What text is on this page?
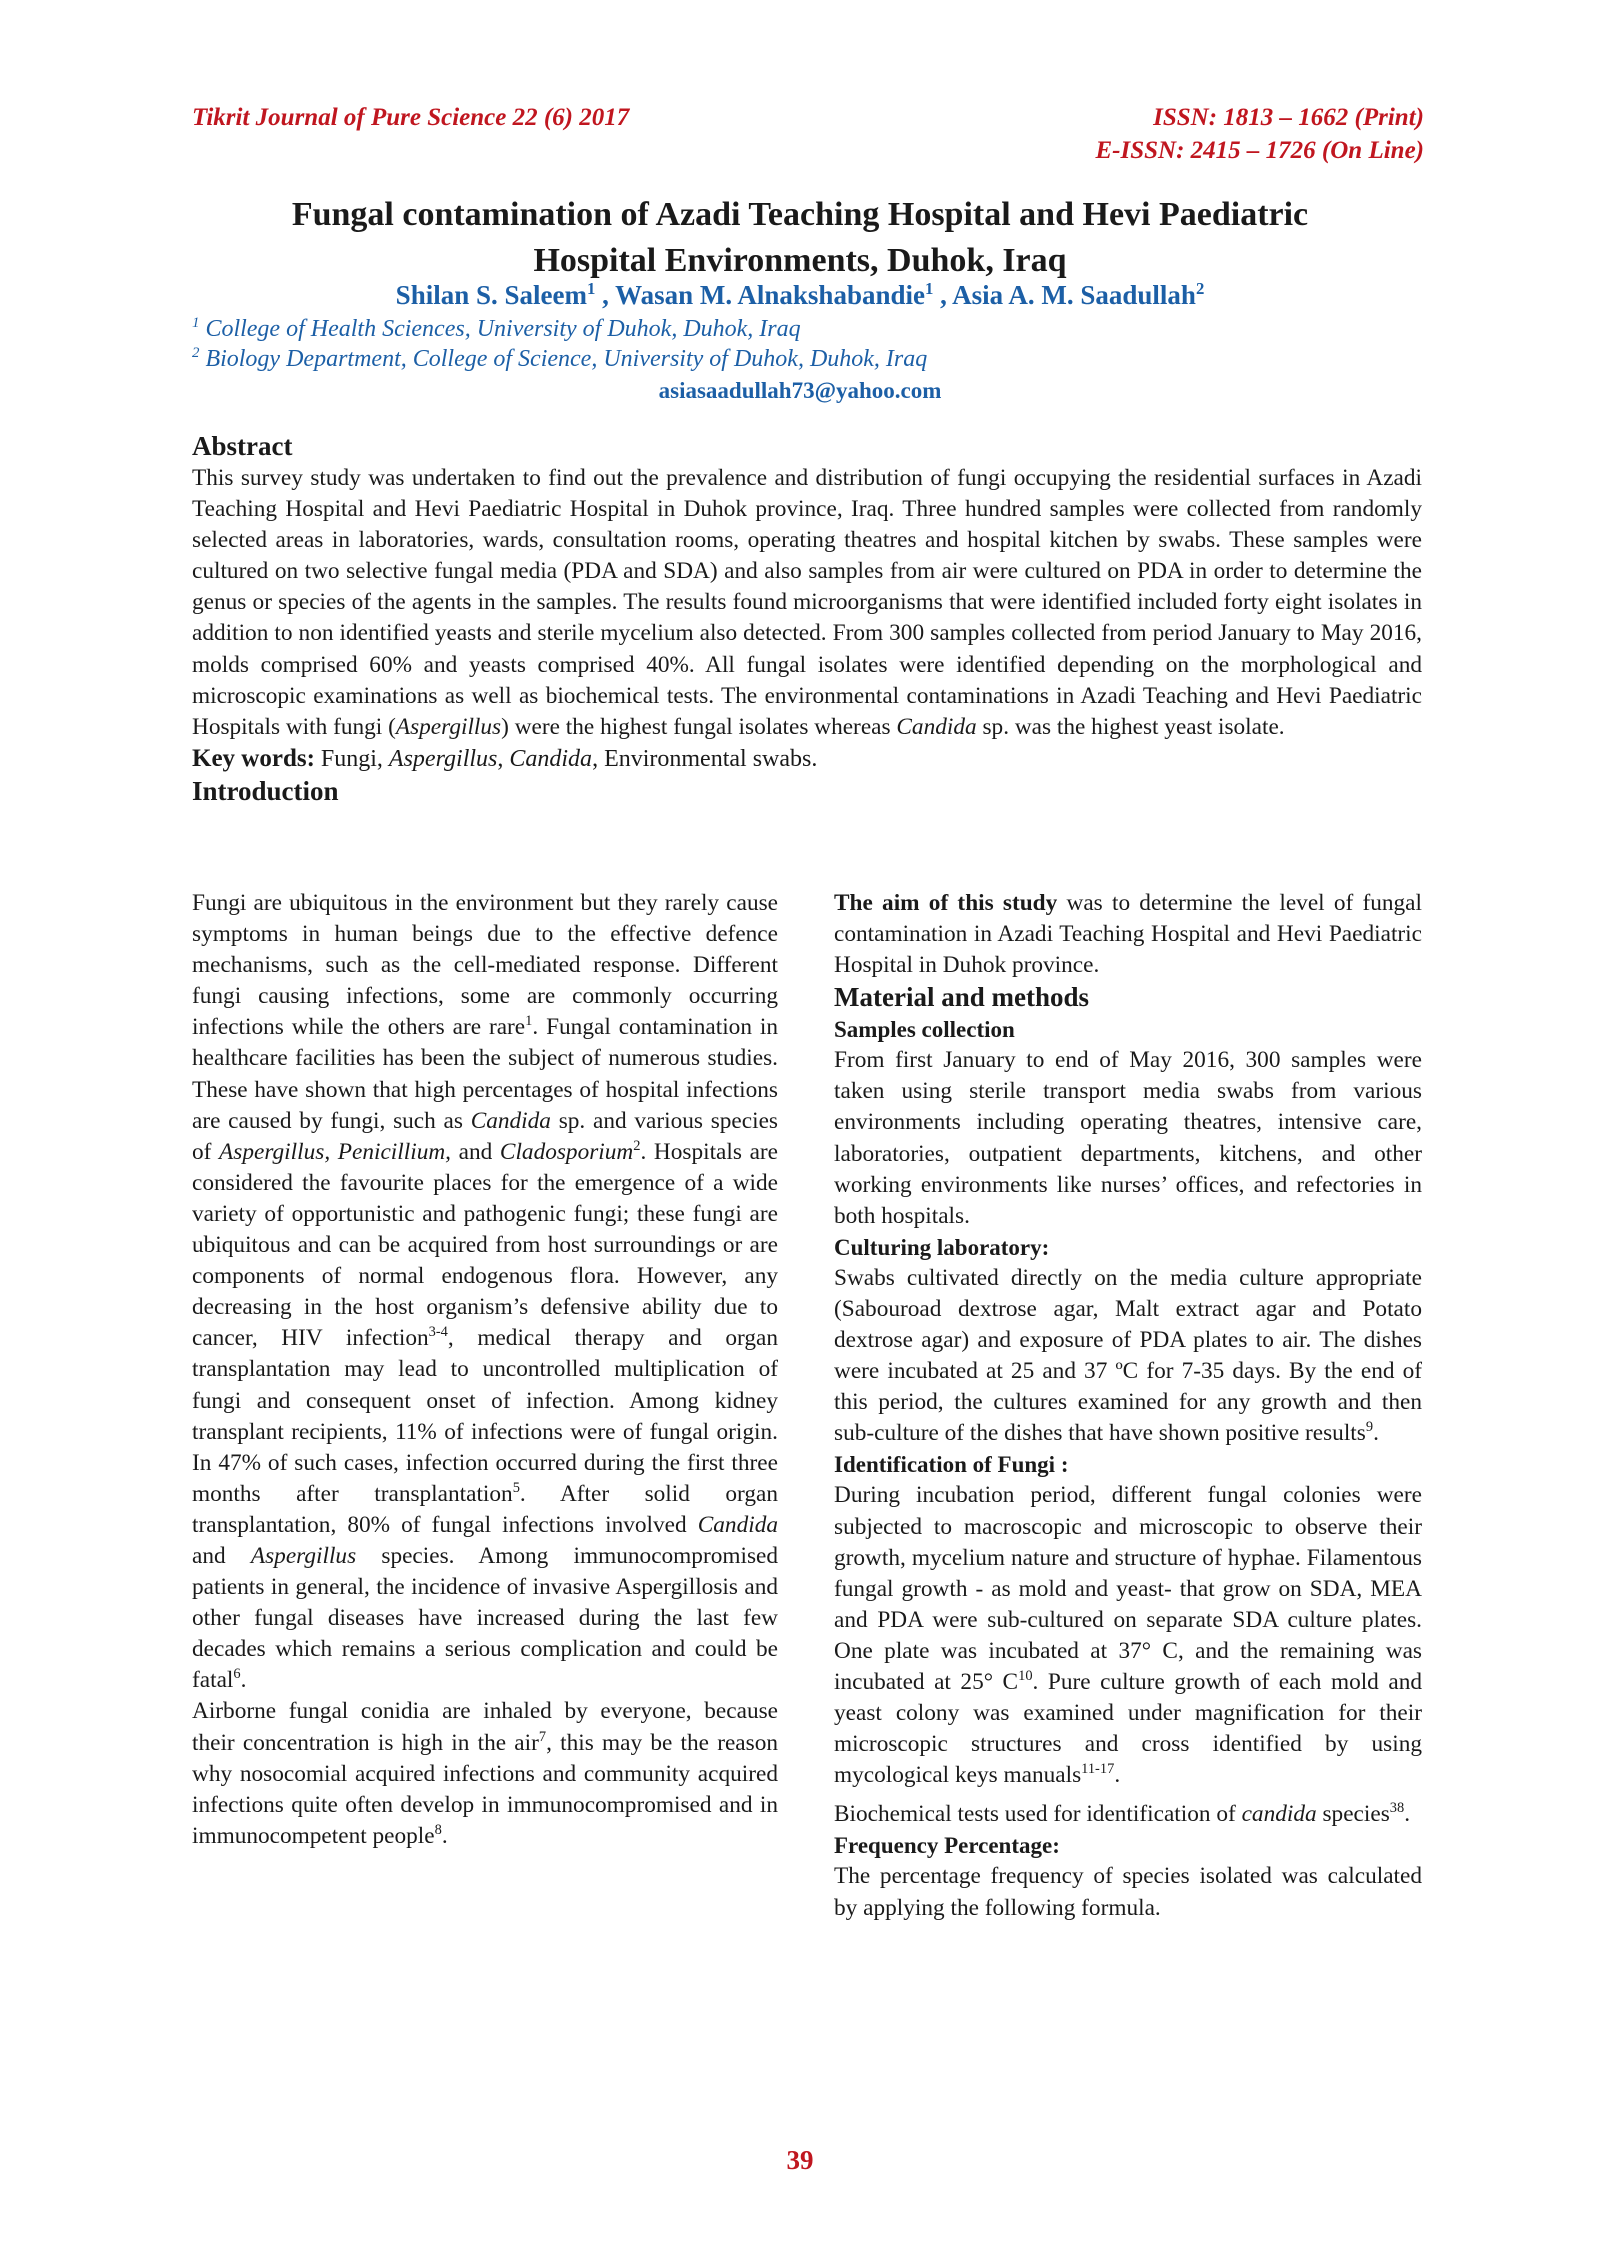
Tikrit Journal of Pure Science 22 (6) 2017	ISSN: 1813 – 1662 (Print)
E-ISSN: 2415 – 1726 (On Line)
Fungal contamination of Azadi Teaching Hospital and Hevi Paediatric
Hospital Environments, Duhok, Iraq
Shilan S. Saleem$^1$ , Wasan M. Alnakshabandie$^1$ , Asia A. M. Saadullah$^2$
$^1$ College of Health Sciences, University of Duhok, Duhok, Iraq
$^2$ Biology Department, College of Science, University of Duhok, Duhok, Iraq
asiasaadullah73@yahoo.com

Abstract

This survey study was undertaken to find out the prevalence and distribution of fungi occupying the residential surfaces in Azadi Teaching Hospital and Hevi Paediatric Hospital in Duhok province, Iraq. Three hundred samples were collected from randomly selected areas in laboratories, wards, consultation rooms, operating theatres and hospital kitchen by swabs. These samples were cultured on two selective fungal media (PDA and SDA) and also samples from air were cultured on PDA in order to determine the genus or species of the agents in the samples. The results found microorganisms that were identified included forty eight isolates in addition to non identified yeasts and sterile mycelium also detected. From 300 samples collected from period January to May 2016, molds comprised 60% and yeasts comprised 40%. All fungal isolates were identified depending on the morphological and microscopic examinations as well as biochemical tests. The environmental contaminations in Azadi Teaching and Hevi Paediatric Hospitals with fungi (Aspergillus) were the highest fungal isolates whereas Candida sp. was the highest yeast isolate.

Key words: Fungi, Aspergillus, Candida, Environmental swabs.

Introduction

Fungi are ubiquitous in the environment but they rarely cause symptoms in human beings due to the effective defence mechanisms, such as the cell-mediated response. Different fungi causing infections, some are commonly occurring infections while the others are rare$^1$. Fungal contamination in healthcare facilities has been the subject of numerous studies. These have shown that high percentages of hospital infections are caused by fungi, such as Candida sp. and various species of Aspergillus, Penicillium, and Cladosporium$^2$. Hospitals are considered the favourite places for the emergence of a wide variety of opportunistic and pathogenic fungi; these fungi are ubiquitous and can be acquired from host surroundings or are components of normal endogenous flora. However, any decreasing in the host organism’s defensive ability due to cancer, HIV infection$^{3-4}$, medical therapy and organ transplantation may lead to uncontrolled multiplication of fungi and consequent onset of infection. Among kidney transplant recipients, 11% of infections were of fungal origin. In 47% of such cases, infection occurred during the first three months after transplantation$^5$. After solid organ transplantation, 80% of fungal infections involved Candida and Aspergillus species. Among immunocompromised patients in general, the incidence of invasive Aspergillosis and other fungal diseases have increased during the last few decades which remains a serious complication and could be fatal$^6$.

Airborne fungal conidia are inhaled by everyone, because their concentration is high in the air$^7$, this may be the reason why nosocomial acquired infections and community acquired infections quite often develop in immunocompromised and in immunocompetent people$^8$.

The aim of this study was to determine the level of fungal contamination in Azadi Teaching Hospital and Hevi Paediatric Hospital in Duhok province.

Material and methods

Samples collection

From first January to end of May 2016, 300 samples were taken using sterile transport media swabs from various environments including operating theatres, intensive care, laboratories, outpatient departments, kitchens, and other working environments like nurses’ offices, and refectories in both hospitals.

Culturing laboratory:

Swabs cultivated directly on the media culture appropriate (Sabouroad dextrose agar, Malt extract agar and Potato dextrose agar) and exposure of PDA plates to air. The dishes were incubated at 25 and 37 ºC for 7-35 days. By the end of this period, the cultures examined for any growth and then sub-culture of the dishes that have shown positive results$^9$.

Identification of Fungi :

During incubation period, different fungal colonies were subjected to macroscopic and microscopic to observe their growth, mycelium nature and structure of hyphae. Filamentous fungal growth - as mold and yeast- that grow on SDA, MEA and PDA were sub-cultured on separate SDA culture plates. One plate was incubated at 37° C, and the remaining was incubated at 25° $C^{10}$. Pure culture growth of each mold and yeast colony was examined under magnification for their microscopic structures and cross identified by using mycological keys manuals$^{11-17}$.

Biochemical tests used for identification of candida species$^{38}$.

Frequency Percentage:

The percentage frequency of species isolated was calculated by applying the following formula.

39
